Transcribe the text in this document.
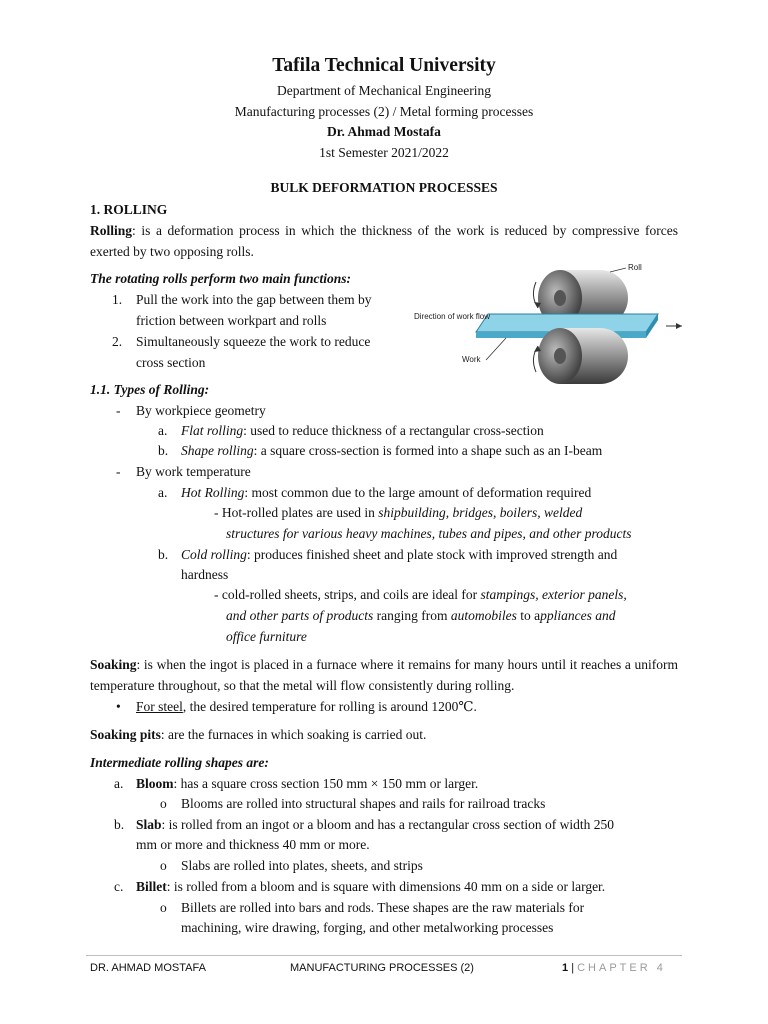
Tafila Technical University
Department of Mechanical Engineering
Manufacturing processes (2) / Metal forming processes
Dr. Ahmad Mostafa
1st Semester 2021/2022
BULK DEFORMATION PROCESSES
1. ROLLING
Rolling: is a deformation process in which the thickness of the work is reduced by compressive forces exerted by two opposing rolls.
The rotating rolls perform two main functions:
1. Pull the work into the gap between them by
friction between workpart and rolls
2. Simultaneously squeeze the work to reduce
cross section
Roll
Direction of work flow
Work
1.1. Types of Rolling:
- By workpiece geometry
a. Flat rolling: used to reduce thickness of a rectangular cross-section
b. Shape rolling: a square cross-section is formed into a shape such as an I-beam
- By work temperature
a. Hot Rolling: most common due to the large amount of deformation required
- Hot-rolled plates are used in shipbuilding, bridges, boilers, welded
structures for various heavy machines, tubes and pipes, and other products
b. Cold rolling: produces finished sheet and plate stock with improved strength and
hardness
- cold-rolled sheets, strips, and coils are ideal for stampings, exterior panels,
and other parts of products ranging from automobiles to appliances and
office furniture
Soaking: is when the ingot is placed in a furnace where it remains for many hours until it reaches a uniform temperature throughout, so that the metal will flow consistently during rolling.
• For steel, the desired temperature for rolling is around 1200℃.
Soaking pits: are the furnaces in which soaking is carried out.
Intermediate rolling shapes are:
a. Bloom: has a square cross section 150 mm × 150 mm or larger.
o Blooms are rolled into structural shapes and rails for railroad tracks
b. Slab: is rolled from an ingot or a bloom and has a rectangular cross section of width 250
mm or more and thickness 40 mm or more.
o Slabs are rolled into plates, sheets, and strips
c. Billet: is rolled from a bloom and is square with dimensions 40 mm on a side or larger.
o Billets are rolled into bars and rods. These shapes are the raw materials for
machining, wire drawing, forging, and other metalworking processes
DR. AHMAD MOSTAFA	MANUFACTURING PROCESSES (2)	1 | CHAPTER 4
